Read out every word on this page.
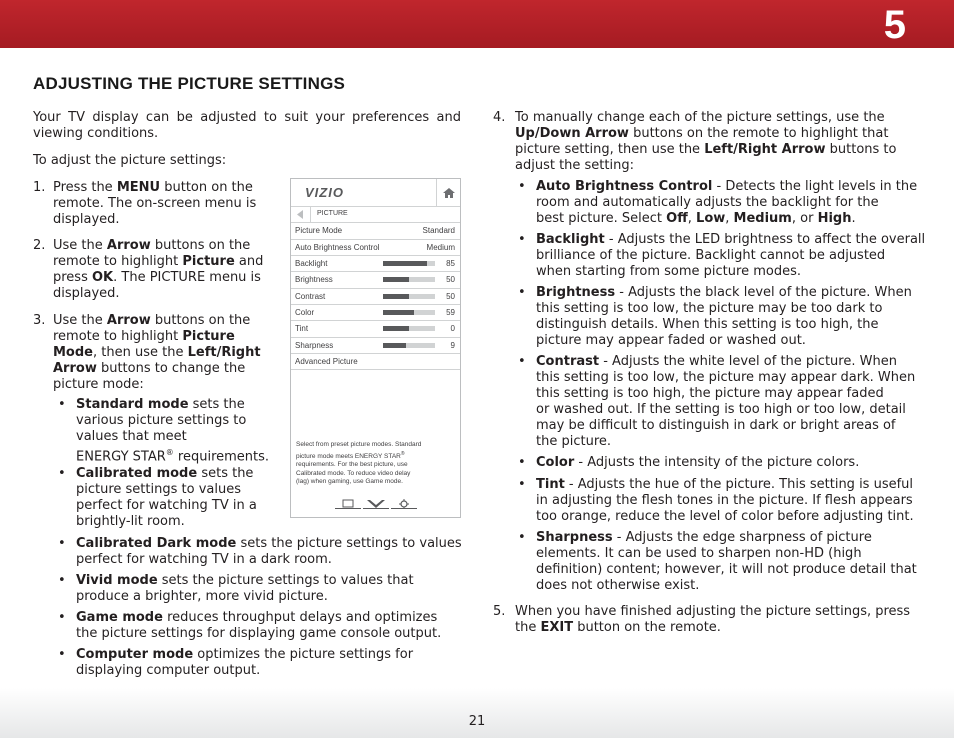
5
ADJUSTING THE PICTURE SETTINGS
Your TV display can be adjusted to suit your preferences and viewing conditions.
To adjust the picture settings:
1. Press the MENU button on the
remote. The on-screen menu is
displayed.
2. Use the Arrow buttons on the
remote to highlight Picture and
press OK. The PICTURE menu is
displayed.
3. Use the Arrow buttons on the
remote to highlight Picture
Mode, then use the Left/Right
Arrow buttons to change the
picture mode:
• Standard mode sets the
various picture settings to
values that meet
ENERGY STAR® requirements.
• Calibrated mode sets the
picture settings to values
perfect for watching TV in a
brightly-lit room.
• Calibrated Dark mode sets the picture settings to values
perfect for watching TV in a dark room.
• Vivid mode sets the picture settings to values that
produce a brighter, more vivid picture.
• Game mode reduces throughput delays and optimizes
the picture settings for displaying game console output.
• Computer mode optimizes the picture settings for
displaying computer output.
VIZIO
PICTURE
Picture Mode	Standard
Auto Brightness Control	Medium
Backlight	85
Brightness	50
Contrast	50
Color	59
Tint	0
Sharpness	9
Advanced Picture
Select from preset picture modes. Standard
picture mode meets ENERGY STAR®
requirements. For the best picture, use
Calibrated mode. To reduce video delay
(lag) when gaming, use Game mode.
4. To manually change each of the picture settings, use the
Up/Down Arrow buttons on the remote to highlight that
picture setting, then use the Left/Right Arrow buttons to
adjust the setting:
• Auto Brightness Control - Detects the light levels in the
room and automatically adjusts the backlight for the
best picture. Select Off, Low, Medium, or High.
• Backlight - Adjusts the LED brightness to affect the overall
brilliance of the picture. Backlight cannot be adjusted
when starting from some picture modes.
• Brightness - Adjusts the black level of the picture. When
this setting is too low, the picture may be too dark to
distinguish details. When this setting is too high, the
picture may appear faded or washed out.
• Contrast - Adjusts the white level of the picture. When
this setting is too low, the picture may appear dark. When
this setting is too high, the picture may appear faded
or washed out. If the setting is too high or too low, detail
may be difficult to distinguish in dark or bright areas of
the picture.
• Color - Adjusts the intensity of the picture colors.
• Tint - Adjusts the hue of the picture. This setting is useful
in adjusting the flesh tones in the picture. If flesh appears
too orange, reduce the level of color before adjusting tint.
• Sharpness - Adjusts the edge sharpness of picture
elements. It can be used to sharpen non-HD (high
definition) content; however, it will not produce detail that
does not otherwise exist.
5. When you have finished adjusting the picture settings, press
the EXIT button on the remote.
21
